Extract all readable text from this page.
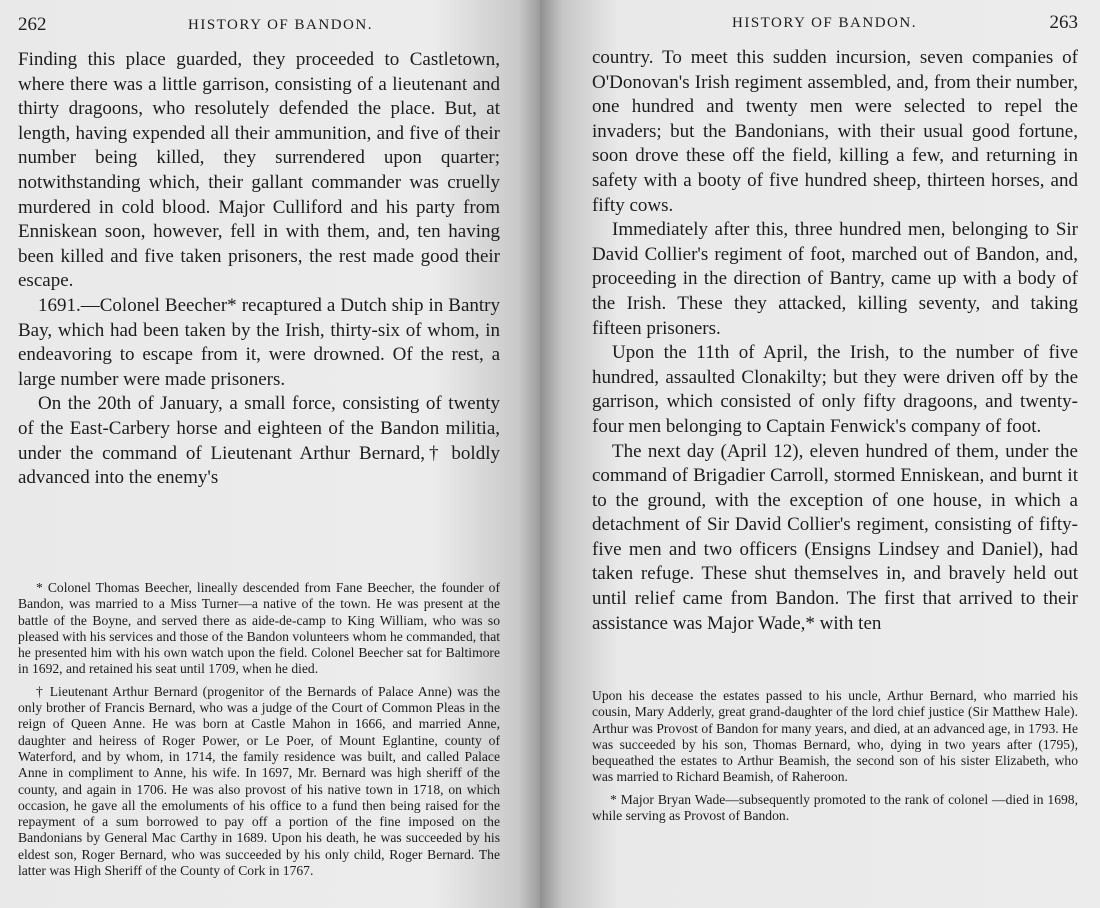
262	HISTORY OF BANDON.

Finding this place guarded, they proceeded to Castletown, where there was a little garrison, consisting of a lieutenant and thirty dragoons, who resolutely defended the place. But, at length, having expended all their ammunition, and five of their number being killed, they surrendered upon quarter; notwithstanding which, their gallant commander was cruelly murdered in cold blood. Major Culliford and his party from Enniskean soon, however, fell in with them, and, ten having been killed and five taken prisoners, the rest made good their escape.

1691.—Colonel Beecher* recaptured a Dutch ship in Bantry Bay, which had been taken by the Irish, thirty-six of whom, in endeavoring to escape from it, were drowned. Of the rest, a large number were made prisoners.

On the 20th of January, a small force, consisting of twenty of the East-Carbery horse and eighteen of the Bandon militia, under the command of Lieutenant Arthur Bernard,† boldly advanced into the enemy's

* Colonel Thomas Beecher, lineally descended from Fane Beecher, the founder of Bandon, was married to a Miss Turner—a native of the town. He was present at the battle of the Boyne, and served there as aide-de-camp to King William, who was so pleased with his services and those of the Bandon volunteers whom he commanded, that he presented him with his own watch upon the field. Colonel Beecher sat for Baltimore in 1692, and retained his seat until 1709, when he died.

† Lieutenant Arthur Bernard (progenitor of the Bernards of Palace Anne) was the only brother of Francis Bernard, who was a judge of the Court of Common Pleas in the reign of Queen Anne. He was born at Castle Mahon in 1666, and married Anne, daughter and heiress of Roger Power, or Le Poer, of Mount Eglantine, county of Waterford, and by whom, in 1714, the family residence was built, and called Palace Anne in compliment to Anne, his wife. In 1697, Mr. Bernard was high sheriff of the county, and again in 1706. He was also provost of his native town in 1718, on which occasion, he gave all the emoluments of his office to a fund then being raised for the repayment of a sum borrowed to pay off a portion of the fine imposed on the Bandonians by General Mac Carthy in 1689. Upon his death, he was succeeded by his eldest son, Roger Bernard, who was succeeded by his only child, Roger Bernard. The latter was High Sheriff of the County of Cork in 1767.

HISTORY OF BANDON.	263

country. To meet this sudden incursion, seven companies of O'Donovan's Irish regiment assembled, and, from their number, one hundred and twenty men were selected to repel the invaders; but the Bandonians, with their usual good fortune, soon drove these off the field, killing a few, and returning in safety with a booty of five hundred sheep, thirteen horses, and fifty cows.

Immediately after this, three hundred men, belonging to Sir David Collier's regiment of foot, marched out of Bandon, and, proceeding in the direction of Bantry, came up with a body of the Irish. These they attacked, killing seventy, and taking fifteen prisoners.

Upon the 11th of April, the Irish, to the number of five hundred, assaulted Clonakilty; but they were driven off by the garrison, which consisted of only fifty dragoons, and twenty-four men belonging to Captain Fenwick's company of foot.

The next day (April 12), eleven hundred of them, under the command of Brigadier Carroll, stormed Enniskean, and burnt it to the ground, with the exception of one house, in which a detachment of Sir David Collier's regiment, consisting of fifty-five men and two officers (Ensigns Lindsey and Daniel), had taken refuge. These shut themselves in, and bravely held out until relief came from Bandon. The first that arrived to their assistance was Major Wade,* with ten

Upon his decease the estates passed to his uncle, Arthur Bernard, who married his cousin, Mary Adderly, great grand-daughter of the lord chief justice (Sir Matthew Hale). Arthur was Provost of Bandon for many years, and died, at an advanced age, in 1793. He was succeeded by his son, Thomas Bernard, who, dying in two years after (1795), bequeathed the estates to Arthur Beamish, the second son of his sister Elizabeth, who was married to Richard Beamish, of Raheroon.

* Major Bryan Wade—subsequently promoted to the rank of colonel —died in 1698, while serving as Provost of Bandon.
